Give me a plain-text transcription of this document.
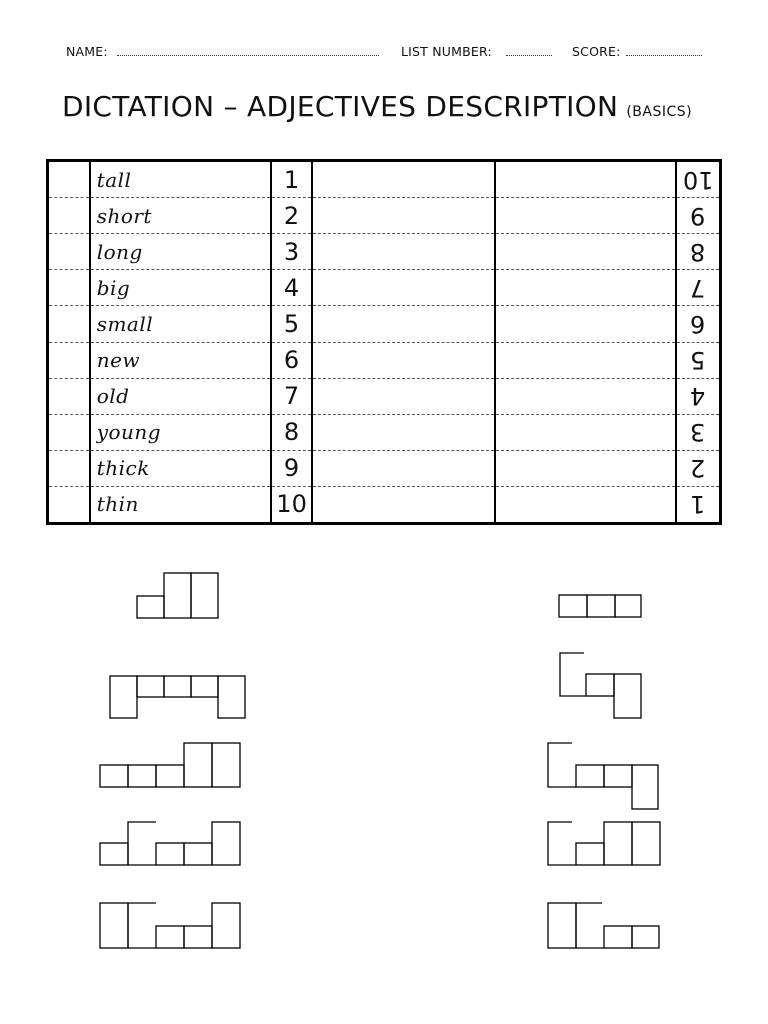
NAME:	LIST NUMBER:	SCORE:
DICTATION – ADJECTIVES DESCRIPTION (BASICS)
	tall	1			10
	short	2			9
	long	3			8
	big	4			7
	small	5			6
	new	6			5
	old	7			4
	young	8			3
	thick	9			2
	thin	10			1
